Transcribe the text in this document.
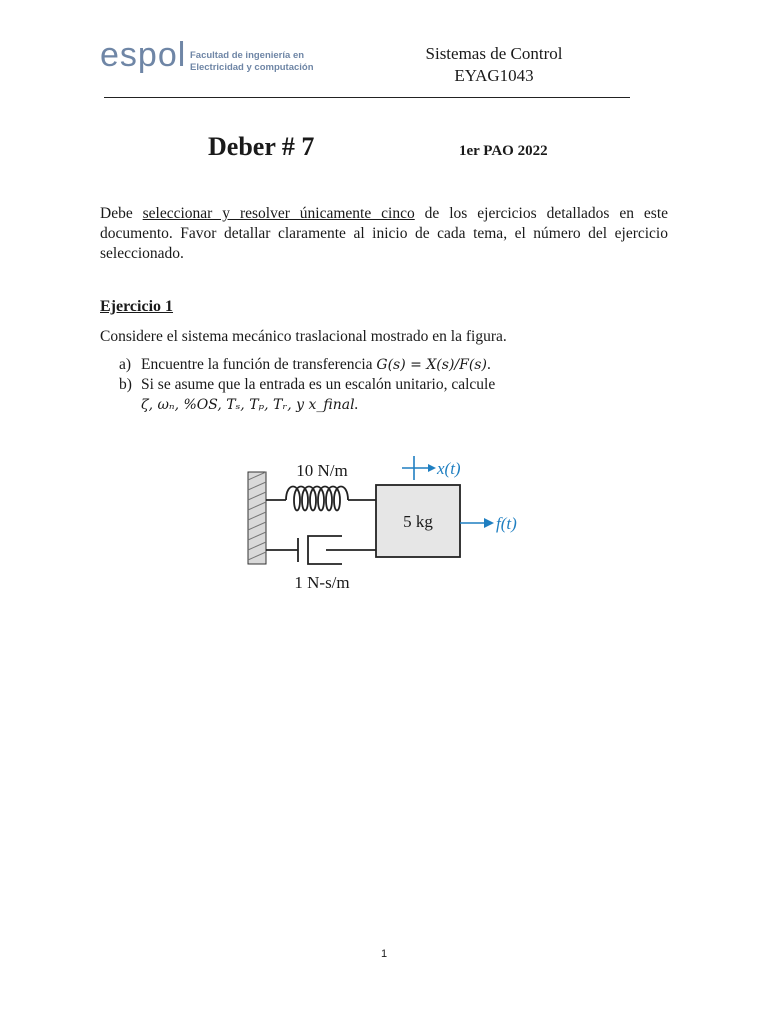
espol Facultad de ingeniería en
Electricidad y computación
Sistemas de Control
EYAG1043
Deber # 7	1er PAO 2022
Debe seleccionar y resolver únicamente cinco de los ejercicios detallados en este documento. Favor detallar claramente al inicio de cada tema, el número del ejercicio seleccionado.
Ejercicio 1
Considere el sistema mecánico traslacional mostrado en la figura.
a) Encuentre la función de transferencia G(s) = X(s)/F(s).
b) Si se asume que la entrada es un escalón unitario, calcule
ζ, ωₙ, %OS, Tₛ, Tₚ, Tᵣ, y x_final.
5 kg
10 N/m
1 N-s/m
x(t)
f(t)
1
